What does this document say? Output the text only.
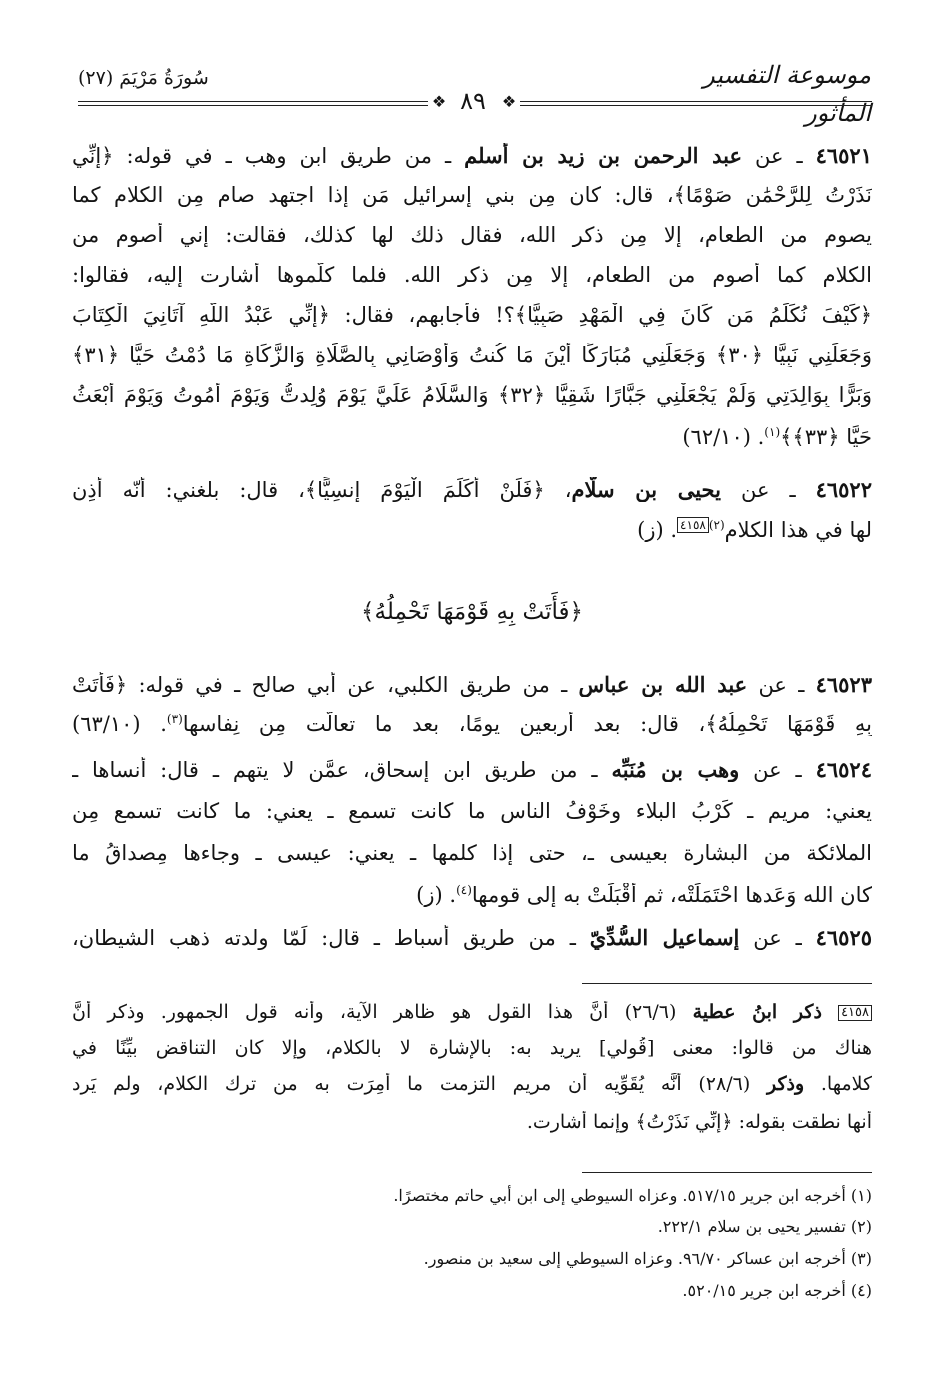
موسوعة التفسير المأثور
سُورَةُ مَرْيَمَ (٢٧)
❖	❖
٨٩
٤٦٥٢١ ـ عن عبد الرحمن بن زيد بن أسلم ـ من طريق ابن وهب ـ في قوله: ﴿إِنِّي
نَذَرْتُ لِلرَّحْمَٰنِ صَوْمًا﴾، قال: كان مِن بني إسرائيل مَن إذا اجتهد صام مِن الكلام كما
يصوم من الطعام، إلا مِن ذكر الله، فقال ذلك لها كذلك، فقالت: إني أصوم من
الكلام كما أصوم من الطعام، إلا مِن ذكر الله. فلما كلّموها أشارت إليه، فقالوا:
﴿كَيْفَ نُكَلِّمُ مَن كَانَ فِي الْمَهْدِ صَبِيًّا﴾؟! فأجابهم، فقال: ﴿إِنِّي عَبْدُ اللَّهِ آتَانِيَ الْكِتَابَ
وَجَعَلَنِي نَبِيًّا ﴿٣٠﴾ وَجَعَلَنِي مُبَارَكًا أَيْنَ مَا كُنتُ وَأَوْصَانِي بِالصَّلَاةِ وَالزَّكَاةِ مَا دُمْتُ حَيًّا ﴿٣١﴾
وَبَرًّا بِوَالِدَتِي وَلَمْ يَجْعَلْنِي جَبَّارًا شَقِيًّا ﴿٣٢﴾ وَالسَّلَامُ عَلَيَّ يَوْمَ وُلِدتُّ وَيَوْمَ أَمُوتُ وَيَوْمَ أُبْعَثُ
حَيًّا ﴿٣٣﴾﴾$^{(١)}$. (٦٢/١٠)
٤٦٥٢٢ ـ عن يحيى بن سلّام، ﴿فَلَنْ أُكَلِّمَ الْيَوْمَ إِنسِيًّا﴾، قال: بلغني: أنّه أُذِن
لها في هذا الكلام$^{(٢)}$٤١٥٨. (ز)
﴿فَأَتَتْ بِهِ قَوْمَهَا تَحْمِلُهُ﴾
٤٦٥٢٣ ـ عن عبد الله بن عباس ـ من طريق الكلبي، عن أبي صالح ـ في قوله: ﴿فَأَتَتْ
بِهِ قَوْمَهَا تَحْمِلُهُ﴾، قال: بعد أربعين يومًا، بعد ما تعالَّت مِن نِفاسها$^{(٣)}$. (٦٣/١٠)
٤٦٥٢٤ ـ عن وهب بن مُنَبِّه ـ من طريق ابن إسحاق، عمَّن لا يتهم ـ قال: أنساها ـ
يعني: مريم ـ كَرْبُ البلاء وخَوْفُ الناس ما كانت تسمع ـ يعني: ما كانت تسمع مِن
الملائكة من البشارة بعيسى ـ، حتى إذا كلمها ـ يعني: عيسى ـ وجاءها مِصداقُ ما
كان الله وَعَدها احْتَمَلَتْه، ثم أَقْبَلَتْ به إلى قومها$^{(٤)}$. (ز)
٤٦٥٢٥ ـ عن إسماعيل السُّدِّيّ ـ من طريق أسباط ـ قال: لَمّا ولدته ذهب الشيطان،
٤١٥٨ ذكر ابنُ عطية (٢٦/٦) أنَّ هذا القول هو ظاهر الآية، وأنه قول الجمهور. وذكر أنَّ
هناك من قالوا: معنى [قُولي] يريد به: بالإشارة لا بالكلام، وإلا كان التناقض بيِّنًا في
كلامها. وذكر (٢٨/٦) أنَّه يُقَوِّيه أن مريم التزمت ما أُمِرَت به من ترك الكلام، ولم يَرِد
أنها نطقت بقوله: ﴿إِنِّي نَذَرْتُ﴾ وإنما أشارت.
(١) أخرجه ابن جرير ٥١٧/١٥. وعزاه السيوطي إلى ابن أبي حاتم مختصرًا.
(٢) تفسير يحيى بن سلام ٢٢٢/١.
(٣) أخرجه ابن عساكر ٩٦/٧٠. وعزاه السيوطي إلى سعيد بن منصور.
(٤) أخرجه ابن جرير ٥٢٠/١٥.
